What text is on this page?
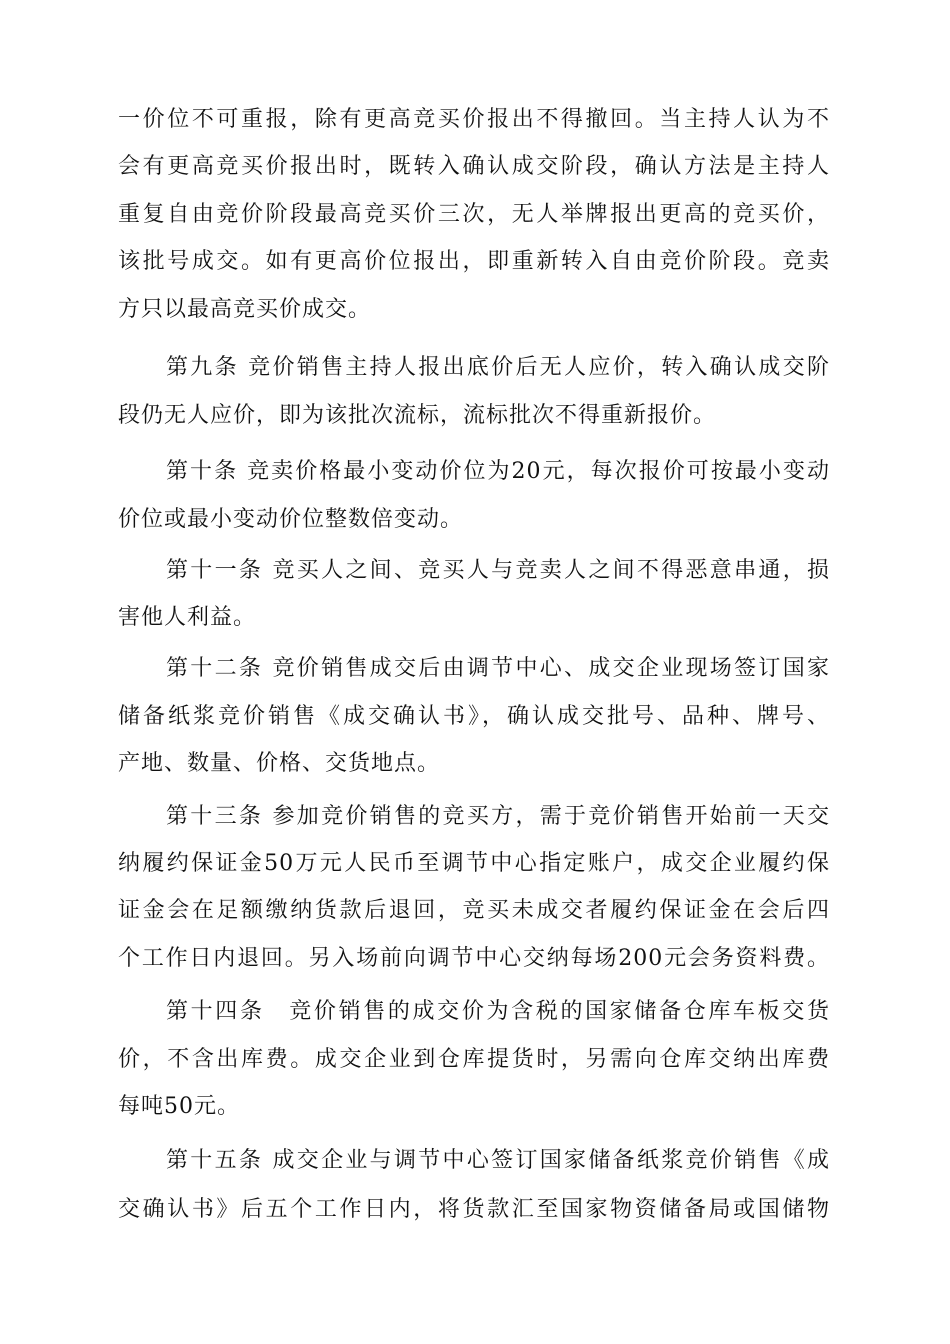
一价位不可重报，除有更高竞买价报出不得撤回。当主持人认为不

会有更高竞买价报出时，既转入确认成交阶段，确认方法是主持人

重复自由竞价阶段最高竞买价三次，无人举牌报出更高的竞买价，

该批号成交。如有更高价位报出，即重新转入自由竞价阶段。竞卖

方只以最高竞买价成交。

第九条 竞价销售主持人报出底价后无人应价，转入确认成交阶

段仍无人应价，即为该批次流标，流标批次不得重新报价。

第十条 竞卖价格最小变动价位为20元，每次报价可按最小变动

价位或最小变动价位整数倍变动。

第十一条 竞买人之间、竞买人与竞卖人之间不得恶意串通，损

害他人利益。

第十二条 竞价销售成交后由调节中心、成交企业现场签订国家

储备纸浆竞价销售《成交确认书》，确认成交批号、品种、牌号、

产地、数量、价格、交货地点。

第十三条 参加竞价销售的竞买方，需于竞价销售开始前一天交

纳履约保证金50万元人民币至调节中心指定账户，成交企业履约保

证金会在足额缴纳货款后退回，竞买未成交者履约保证金在会后四

个工作日内退回。另入场前向调节中心交纳每场200元会务资料费。

第十四条　竞价销售的成交价为含税的国家储备仓库车板交货

价，不含出库费。成交企业到仓库提货时，另需向仓库交纳出库费

每吨50元。

第十五条 成交企业与调节中心签订国家储备纸浆竞价销售《成

交确认书》后五个工作日内，将货款汇至国家物资储备局或国储物
